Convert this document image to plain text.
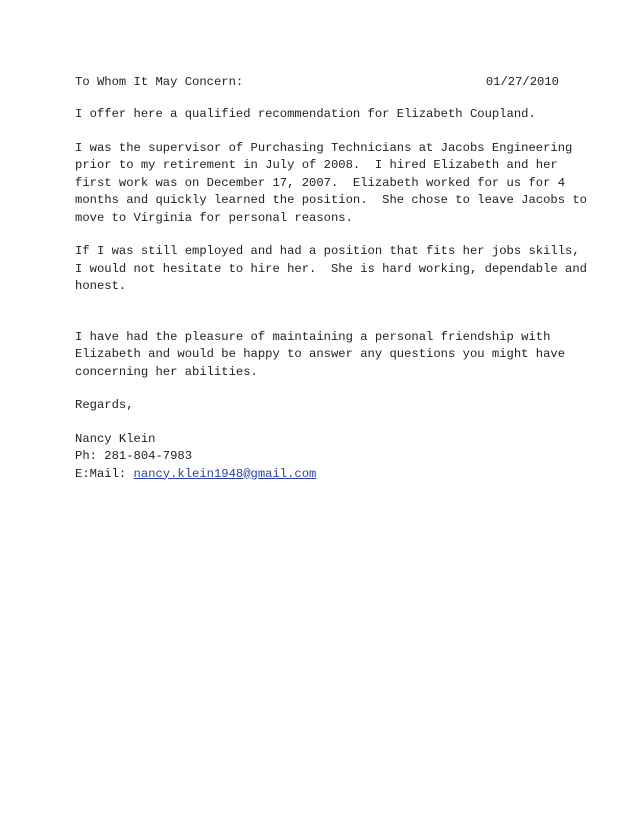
To Whom It May Concern:	01/27/2010

I offer here a qualified recommendation for Elizabeth Coupland.

I was the supervisor of Purchasing Technicians at Jacobs Engineering

prior to my retirement in July of 2008.  I hired Elizabeth and her

first work was on December 17, 2007.  Elizabeth worked for us for 4

months and quickly learned the position.  She chose to leave Jacobs to

move to Virginia for personal reasons.

If I was still employed and had a position that fits her jobs skills,

I would not hesitate to hire her.  She is hard working, dependable and

honest.

I have had the pleasure of maintaining a personal friendship with

Elizabeth and would be happy to answer any questions you might have

concerning her abilities.

Regards,

Nancy Klein
Ph: 281-804-7983
E:Mail: nancy.klein1948@gmail.com
